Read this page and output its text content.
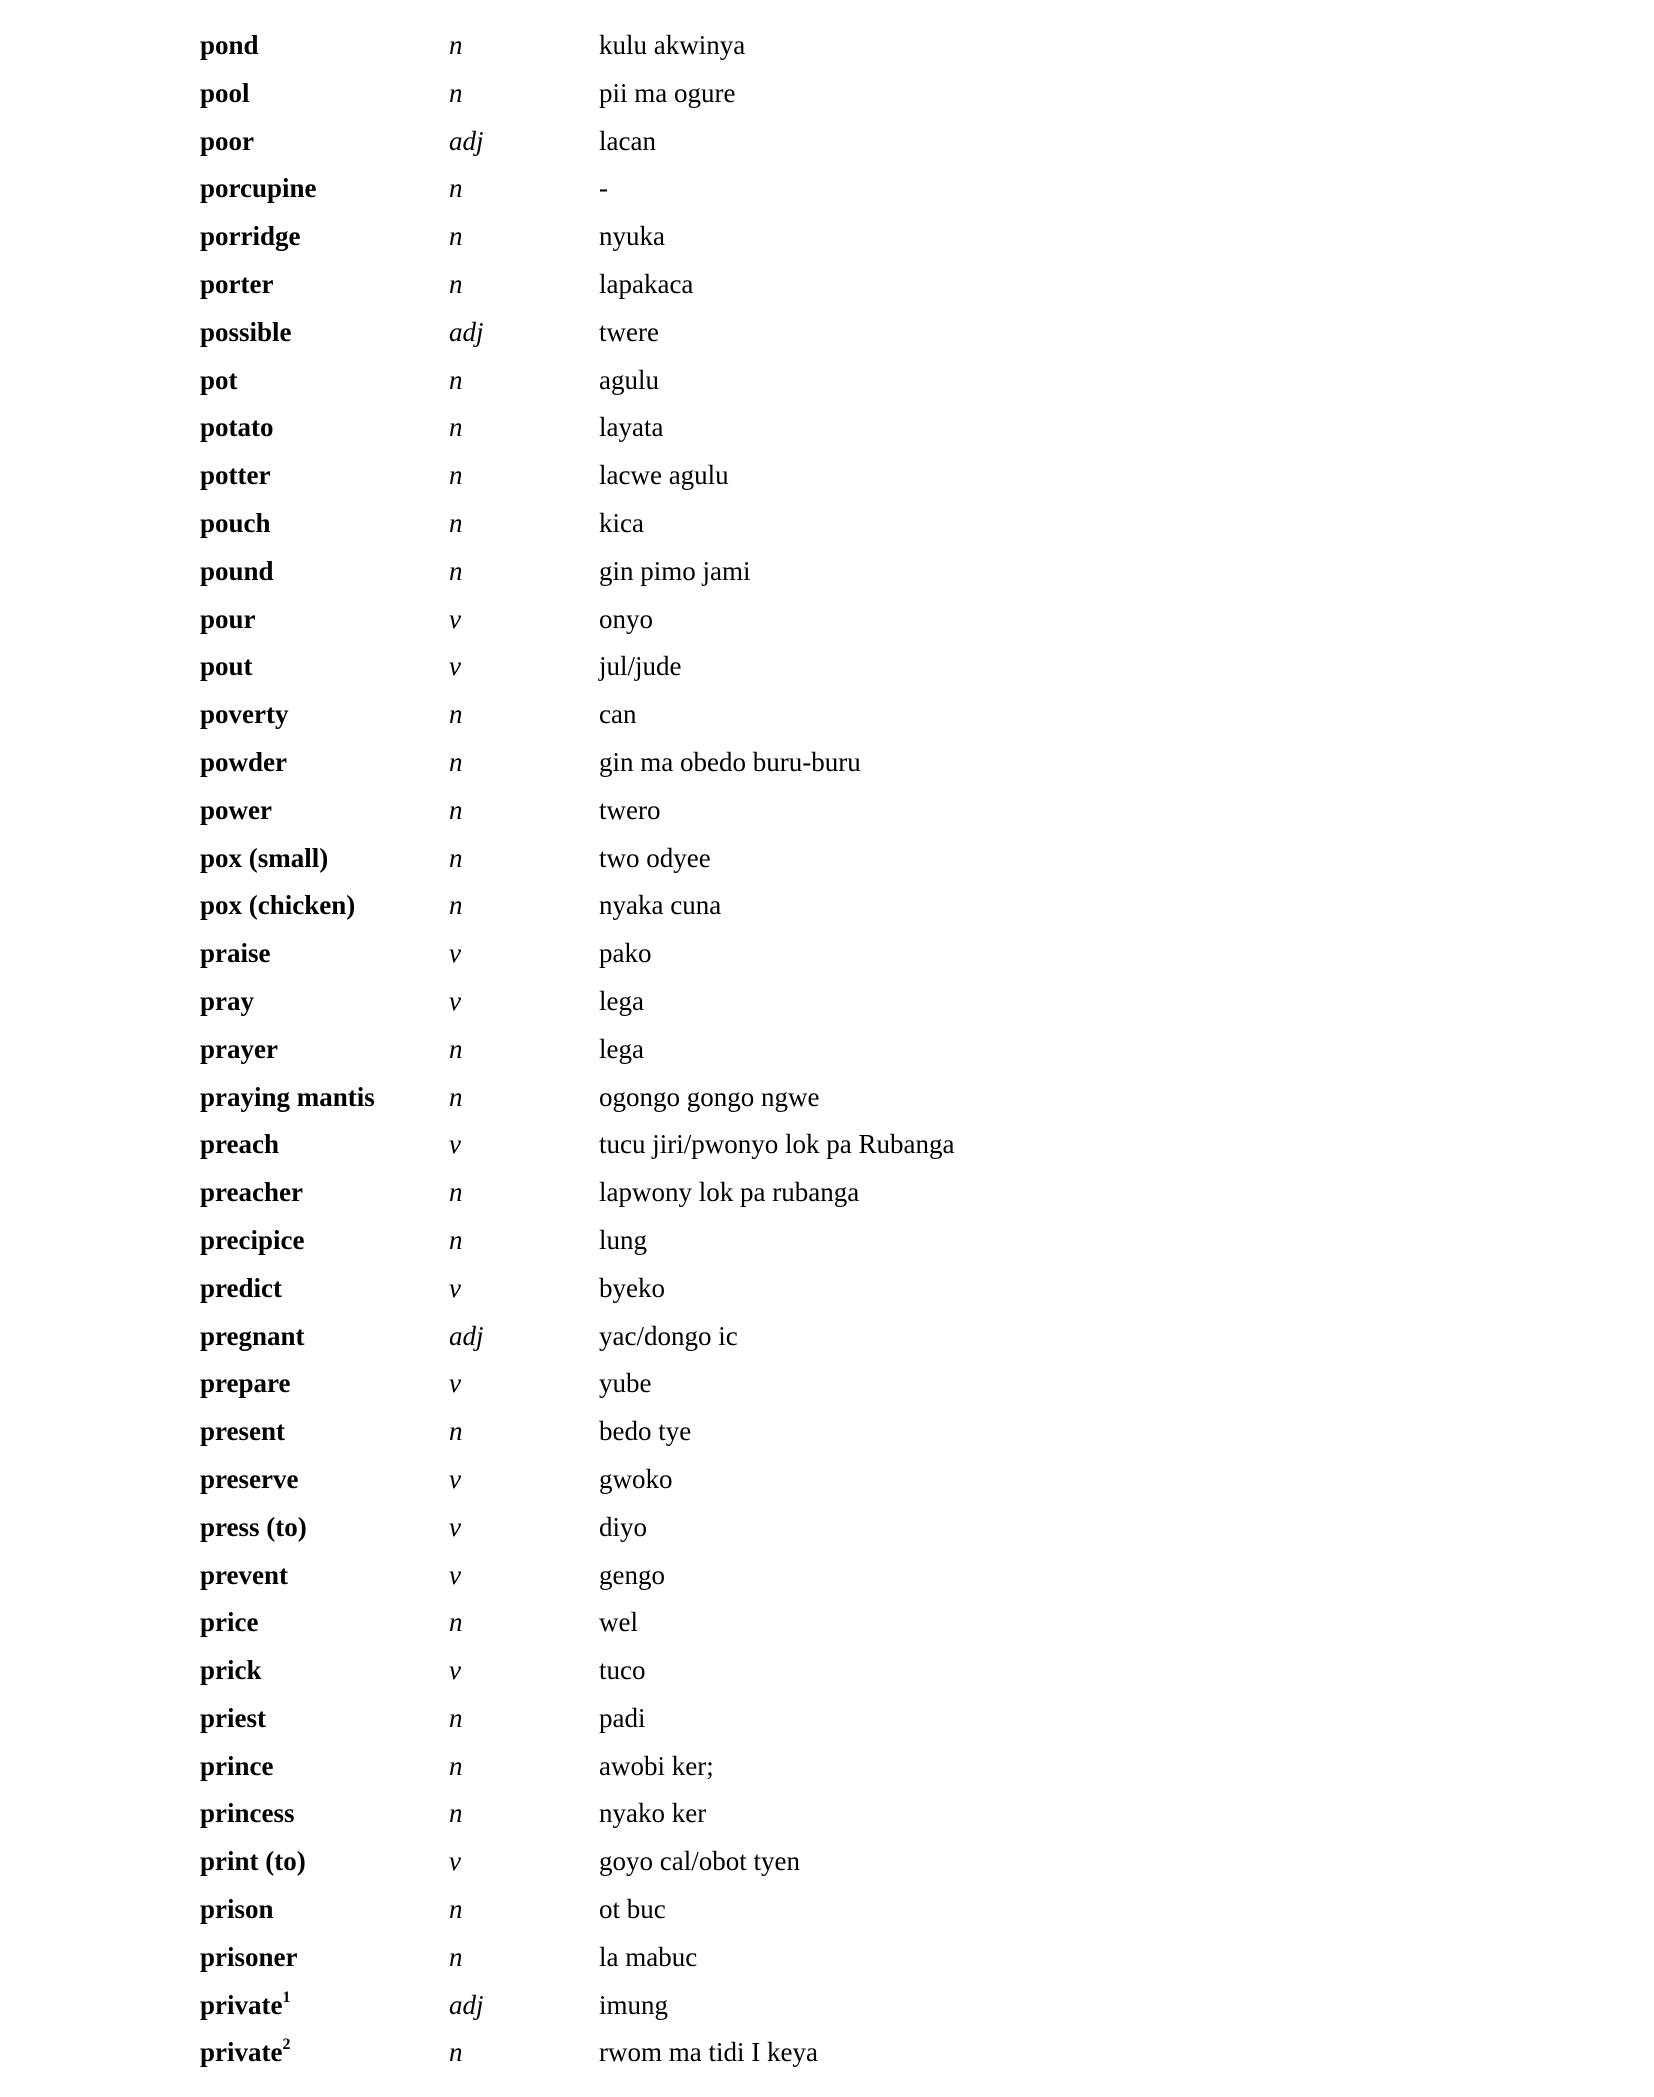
pond	n	kulu akwinya
pool	n	pii ma ogure
poor	adj	lacan
porcupine	n	-
porridge	n	nyuka
porter	n	lapakaca
possible	adj	twere
pot	n	agulu
potato	n	layata
potter	n	lacwe agulu
pouch	n	kica
pound	n	gin pimo jami
pour	v	onyo
pout	v	jul/jude
poverty	n	can
powder	n	gin ma obedo buru-buru
power	n	twero
pox (small)	n	two odyee
pox (chicken)	n	nyaka cuna
praise	v	pako
pray	v	lega
prayer	n	lega
praying mantis	n	ogongo gongo ngwe
preach	v	tucu jiri/pwonyo lok pa Rubanga
preacher	n	lapwony lok pa rubanga
precipice	n	lung
predict	v	byeko
pregnant	adj	yac/dongo ic
prepare	v	yube
present	n	bedo tye
preserve	v	gwoko
press (to)	v	diyo
prevent	v	gengo
price	n	wel
prick	v	tuco
priest	n	padi
prince	n	awobi ker;
princess	n	nyako ker
print (to)	v	goyo cal/obot tyen
prison	n	ot buc
prisoner	n	la mabuc
private$^1$	adj	imung
private$^2$	n	rwom ma tidi I keya
